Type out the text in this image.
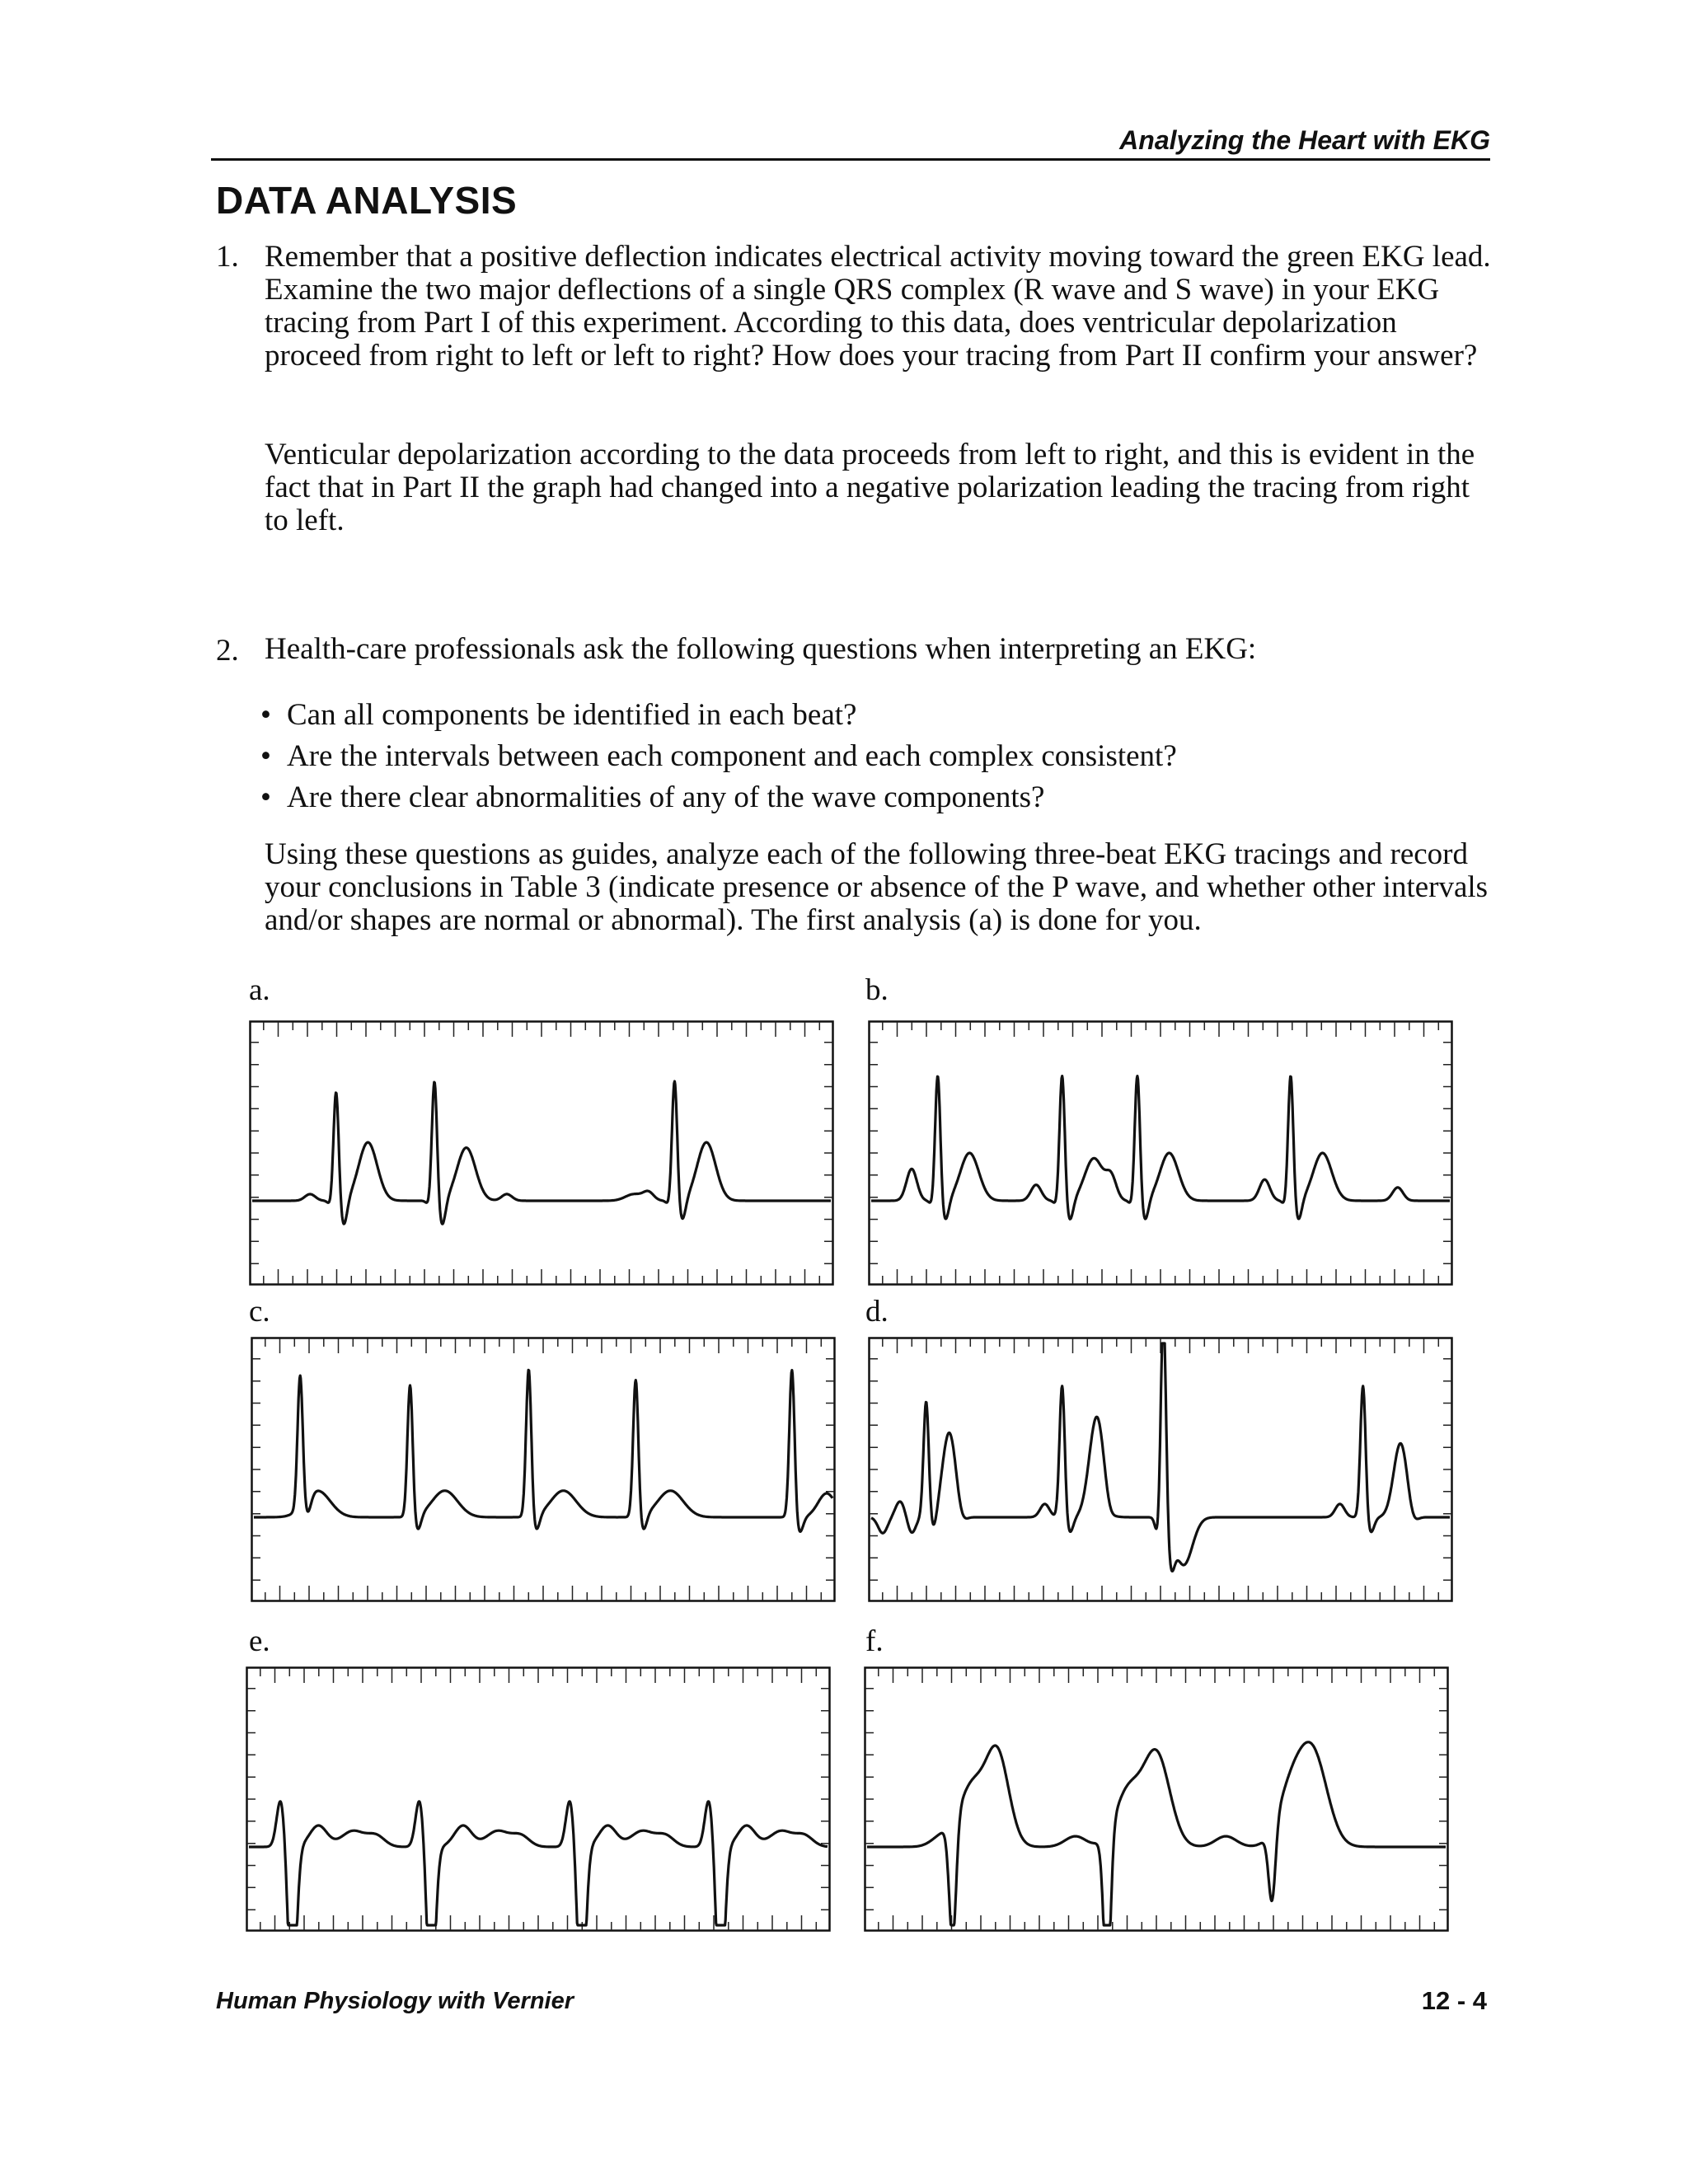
Analyzing the Heart with EKG
DATA ANALYSIS
1. Remember that a positive deflection indicates electrical activity moving toward the green EKG lead. Examine the two major deflections of a single QRS complex (R wave and S wave) in your EKG tracing from Part I of this experiment. According to this data, does ventricular depolarization proceed from right to left or left to right? How does your tracing from Part II confirm your answer?
Venticular depolarization according to the data proceeds from left to right, and this is evident in the fact that in Part II the graph had changed into a negative polarization leading the tracing from right to left.
2. Health-care professionals ask the following questions when interpreting an EKG:
• Can all components be identified in each beat?
• Are the intervals between each component and each complex consistent?
• Are there clear abnormalities of any of the wave components?
Using these questions as guides, analyze each of the following three-beat EKG tracings and record your conclusions in Table 3 (indicate presence or absence of the P wave, and whether other intervals and/or shapes are normal or abnormal). The first analysis (a) is done for you.
a.	b.
c.	d.
e.	f.
Human Physiology with Vernier	12 - 4
